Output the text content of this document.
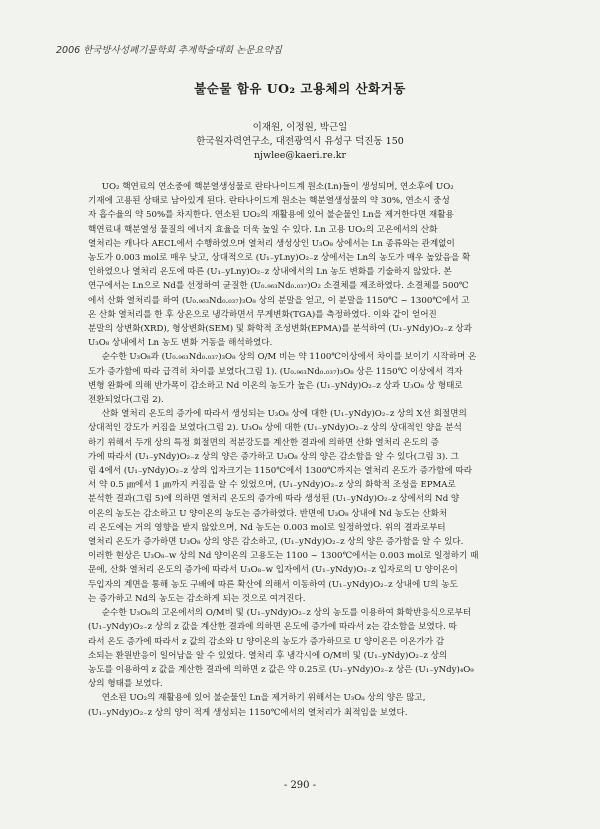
2006 한국방사성폐기물학회 추계학술대회 논문요약집
불순물 함유 UO₂ 고용체의 산화거동
이재원, 이정원, 박근일
한국원자력연구소, 대전광역시 유성구 덕진동 150
njwlee@kaeri.re.kr
UO₂ 핵연료의 연소중에 핵분열생성물로 란타나이드계 원소(Ln)들이 생성되며, 연소후에 UO₂
기재에 고용된 상태로 남아있게 된다. 란타나이드계 원소는 핵분열생성물의 약 30%, 연소시 중성
자 흡수율의 약 50%를 차지한다. 연소된 UO₂의 재활용에 있어 불순물인 Ln을 제거한다면 재활용
핵연료내 핵분열성 물질의 에너지 효율을 더욱 높일 수 있다. Ln 고용 UO₂의 고온에서의 산화
열처리는 캐나다 AECL에서 수행하였으며 열처리 생성상인 U₃O₈ 상에서는 Ln 종류와는 관계없이
농도가 0.003 mol로 매우 낮고, 상대적으로 (U₁₋yLny)O₂₋z 상에서는 Ln의 농도가 매우 높았음을 확
인하였으나 열처리 온도에 따른 (U₁₋yLny)O₂₋z 상내에서의 Ln 농도 변화를 기술하지 않았다. 본
연구에서는 Ln으로 Nd를 선정하여 균질한 (U₀.₉₆₃Nd₀.₀₃₇)O₂ 소결체를 제조하였다. 소결체를 500℃
에서 산화 열처리를 하여 (U₀.₉₆₃Nd₀.₀₃₇)₃O₈ 상의 분말을 얻고, 이 분말을 1150℃ ~ 1300℃에서 고
온 산화 열처리를 한 후 상온으로 냉각하면서 무게변화(TGA)를 측정하였다. 이와 같이 얻어진
분말의 상변화(XRD), 형상변화(SEM) 및 화학적 조성변화(EPMA)를 분석하여 (U₁₋yNdy)O₂₋z 상과
U₃O₈ 상내에서 Ln 농도 변화 거동을 해석하였다.
순수한 U₃O₈과 (U₀.₉₆₃Nd₀.₀₃₇)₃O₈ 상의 O/M 비는 약 1100℃이상에서 차이를 보이기 시작하며 온
도가 증가함에 따라 급격히 차이를 보였다(그림 1). (U₀.₉₆₃Nd₀.₀₃₇)₃O₈ 상은 1150℃ 이상에서 격자
변형 완화에 의해 반가폭이 감소하고 Nd 이온의 농도가 높은 (U₁₋yNdy)O₂₋z 상과 U₃O₈ 상 형태로
전환되었다(그림 2).
산화 열처리 온도의 증가에 따라서 생성되는 U₃O₈ 상에 대한 (U₁₋yNdy)O₂₋z 상의 X선 회절면의
상대적인 강도가 커짐을 보였다(그림 2). U₃O₈ 상에 대한 (U₁₋yNdy)O₂₋z 상의 상대적인 양을 분석
하기 위해서 두개 상의 특정 회절면의 적분강도를 계산한 결과에 의하면 산화 열처리 온도의 증
가에 따라서 (U₁₋yNdy)O₂₋z 상의 양은 증가하고 U₃O₈ 상의 양은 감소함을 알 수 있다(그림 3). 그
림 4에서 (U₁₋yNdy)O₂₋z 상의 입자크기는 1150℃에서 1300℃까지는 열처리 온도가 증가함에 따라
서 약 0.5 ㎛에서 1 ㎛까지 커짐을 알 수 있었으며, (U₁₋yNdy)O₂₋z 상의 화학적 조성을 EPMA로
분석한 결과(그림 5)에 의하면 열처리 온도의 증가에 따라 생성된 (U₁₋yNdy)O₂₋z 상에서의 Nd 양
이온의 농도는 감소하고 U 양이온의 농도는 증가하였다. 반면에 U₃O₈ 상내에 Nd 농도는 산화처
리 온도에는 거의 영향을 받지 않았으며, Nd 농도는 0.003 mol로 일정하였다. 위의 결과로부터
열처리 온도가 증가하면 U₃O₈ 상의 양은 감소하고, (U₁₋yNdy)O₂₋z 상의 양은 증가함을 알 수 있다.
이러한 현상은 U₃O₈₋w 상의 Nd 양이온의 고용도는 1100 ~ 1300℃에서는 0.003 mol로 일정하기 때
문에, 산화 열처리 온도의 증가에 따라서 U₃O₈₋w 입자에서 (U₁₋yNdy)O₂₋z 입자로의 U 양이온이
두입자의 계면을 통해 농도 구배에 따른 확산에 의해서 이동하여 (U₁₋yNdy)O₂₋z 상내에 U의 농도
는 증가하고 Nd의 농도는 감소하게 되는 것으로 여겨진다.
순수한 U₃O₈의 고온에서의 O/M비 및 (U₁₋yNdy)O₂₋z 상의 농도를 이용하여 화학반응식으로부터
(U₁₋yNdy)O₂₋z 상의 z 값을 계산한 결과에 의하면 온도에 증가에 따라서 z는 감소함을 보였다. 따
라서 온도 증가에 따라서 z 값의 감소와 U 양이온의 농도가 증가하므로 U 양이온은 이온가가 감
소되는 환원반응이 일어남을 알 수 있었다. 열처리 후 냉각시에 O/M비 및 (U₁₋yNdy)O₂₋z 상의
농도를 이용하여 z 값을 계산한 결과에 의하면 z 값은 약 0.25로 (U₁₋yNdy)O₂₋z 상은 (U₁₋yNdy)₄O₉
상의 형태를 보였다.
연소된 UO₂의 재활용에 있어 불순물인 Ln을 제거하기 위해서는 U₃O₈ 상의 양은 많고,
(U₁₋yNdy)O₂₋z 상의 양이 적게 생성되는 1150℃에서의 열처리가 최적임을 보였다.
- 290 -
